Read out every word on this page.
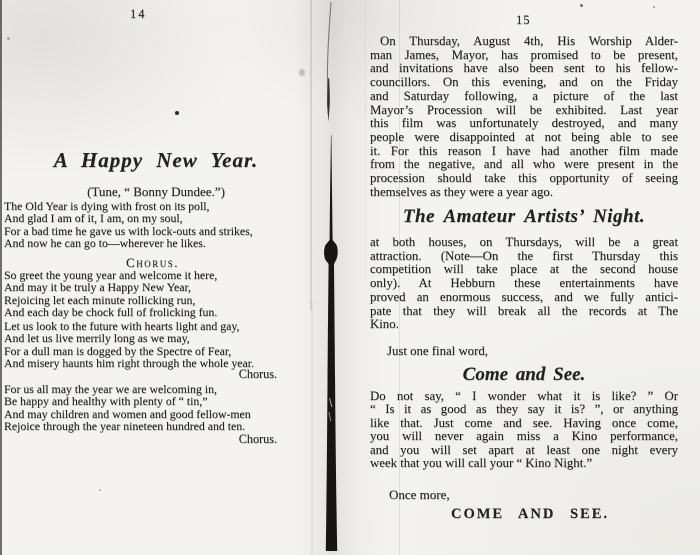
14
A Happy New Year.
(Tune, “ Bonny Dundee.”)
The Old Year is dying with frost on its poll,
And glad I am of it, I am, on my soul,
For a bad time he gave us with lock-outs and strikes,
And now he can go to—wherever he likes.
Chorus.
So greet the young year and welcome it here,
And may it be truly a Happy New Year,
Rejoicing let each minute rollicking run,
And each day be chock full of frolicking fun.
Let us look to the future with hearts light and gay,
And let us live merrily long as we may,
For a dull man is dogged by the Spectre of Fear,
And misery haunts him right through the whole year.
Chorus.
For us all may the year we are welcoming in,
Be happy and healthy with plenty of “ tin,”
And may children and women and good fellow-men
Rejoice through the year nineteen hundred and ten.
Chorus.
15
On Thursday, August 4th, His Worship Alder-
man James, Mayor, has promised to be present,
and invitations have also been sent to his fellow-
councillors. On this evening, and on the Friday
and Saturday following, a picture of the last
Mayor’s Procession will be exhibited. Last year
this film was unfortunately destroyed, and many
people were disappointed at not being able to see
it. For this reason I have had another film made
from the negative, and all who were present in the
procession should take this opportunity of seeing
themselves as they were a year ago.
The Amateur Artists’ Night.
at both houses, on Thursdays, will be a great
attraction. (Note—On the first Thursday this
competition will take place at the second house
only). At Hebburn these entertainments have
proved an enormous success, and we fully antici-
pate that they will break all the records at The
Kino.
Just one final word,
Come and See.
Do not say, “ I wonder what it is like? ” Or
“ Is it as good as they say it is? ”, or anything
like that. Just come and see. Having once come,
you will never again miss a Kino performance,
and you will set apart at least one night every
week that you will call your “ Kino Night.”
Once more,
COME AND SEE.
